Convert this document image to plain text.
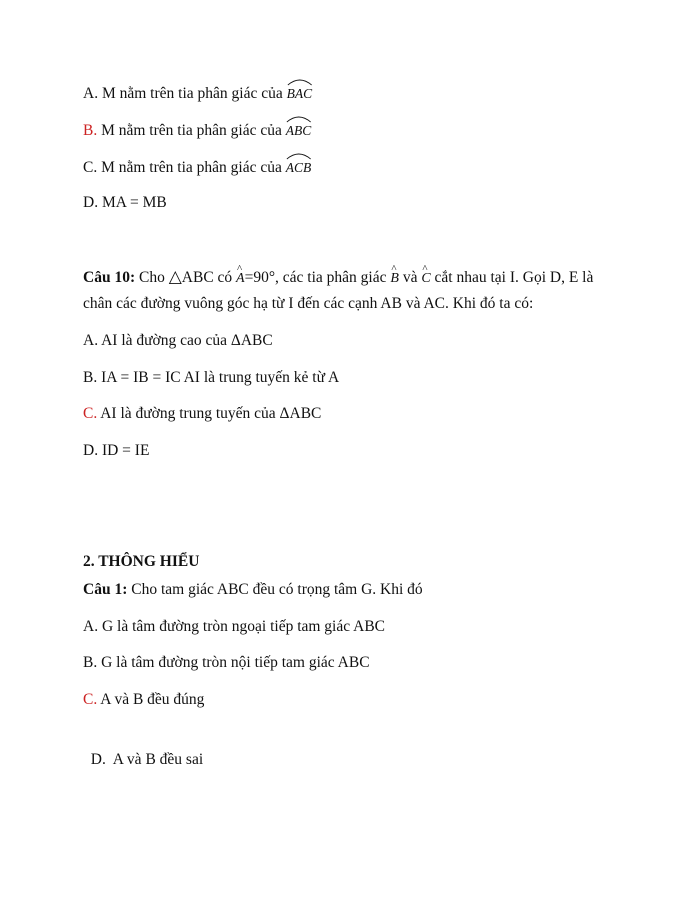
A. M nằm trên tia phân giác của
BAC
B. M nằm trên tia phân giác của
ABC
C. M nằm trên tia phân giác của
ACB
D. MA = MB
Câu 10: Cho △ABC có ^ A=90°, các tia phân giác ^ B và ^ C cắt nhau tại I. Gọi D, E là
chân các đường vuông góc hạ từ I đến các cạnh AB và AC. Khi đó ta có:
A. AI là đường cao của ΔABC
B. IA = IB = IC AI là trung tuyến kẻ từ A
C. AI là đường trung tuyến của ΔABC
D. ID = IE
2. THÔNG HIỂU
Câu 1: Cho tam giác ABC đều có trọng tâm G. Khi đó
A. G là tâm đường tròn ngoại tiếp tam giác ABC
B. G là tâm đường tròn nội tiếp tam giác ABC
C. A và B đều đúng

D.  A và B đều sai
